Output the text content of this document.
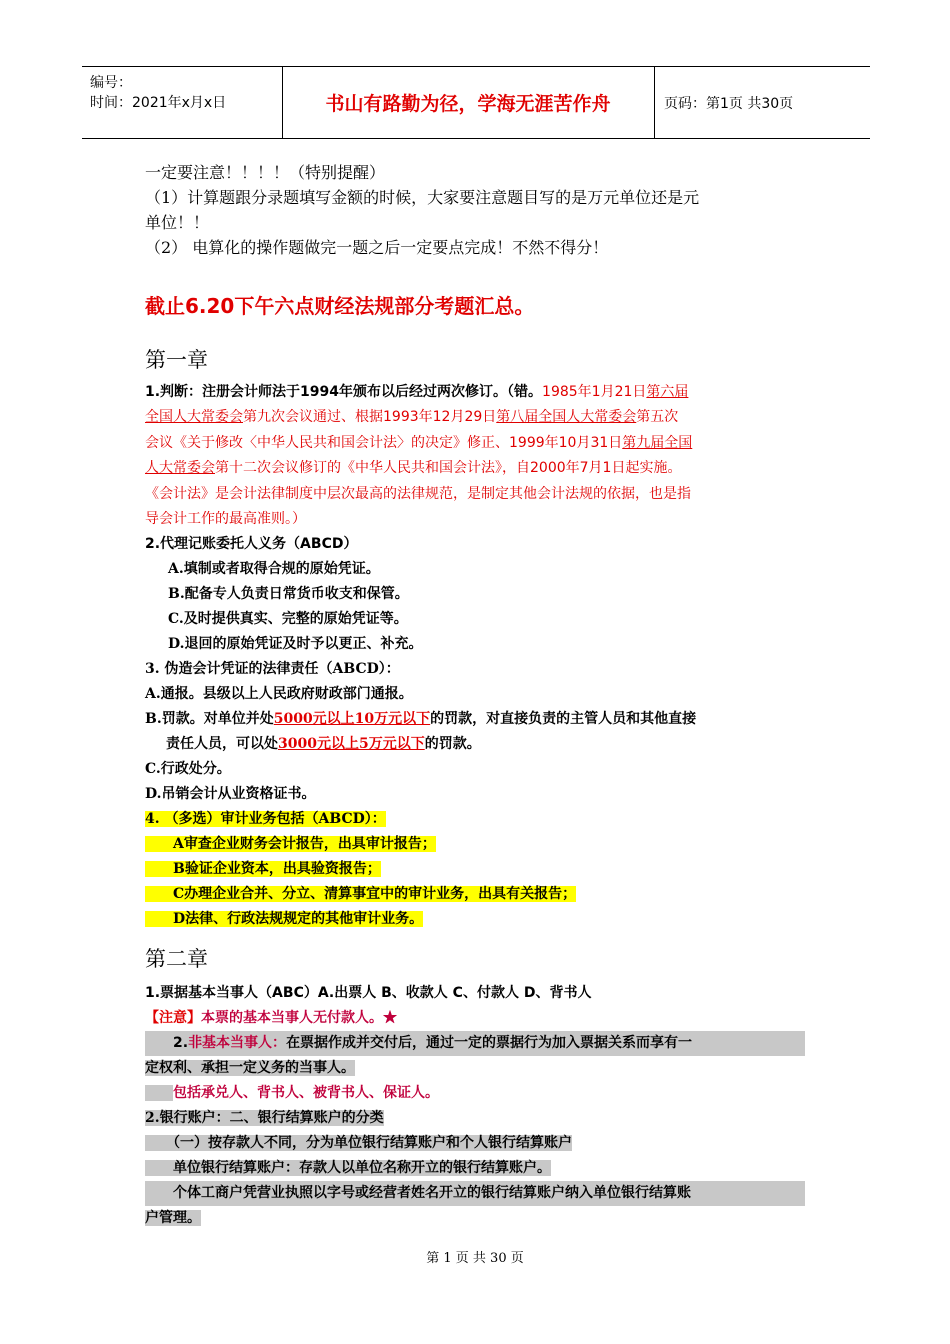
编号：
时间：2021年x月x日	书山有路勤为径，学海无涯苦作舟	页码：第1页 共30页
一定要注意！！！！（特别提醒）
（1）计算题跟分录题填写金额的时候，大家要注意题目写的是万元单位还是元
单位！！
（2） 电算化的操作题做完一题之后一定要点完成！不然不得分！
截止6.20下午六点财经法规部分考题汇总。
第一章
1.判断：注册会计师法于1994年颁布以后经过两次修订。（错。1985年1月21日第六届
全国人大常委会第九次会议通过、根据1993年12月29日第八届全国人大常委会第五次
会议《关于修改〈中华人民共和国会计法〉的决定》修正、1999年10月31日第九届全国
人大常委会第十二次会议修订的《中华人民共和国会计法》，自2000年7月1日起实施。
《会计法》是会计法律制度中层次最高的法律规范，是制定其他会计法规的依据，也是指
导会计工作的最高准则。）
2.代理记账委托人义务（ABCD）
A.填制或者取得合规的原始凭证。
B.配备专人负责日常货币收支和保管。
C.及时提供真实、完整的原始凭证等。
D.退回的原始凭证及时予以更正、补充。
3. 伪造会计凭证的法律责任（ABCD）：
A.通报。县级以上人民政府财政部门通报。
B.罚款。对单位并处5000元以上10万元以下的罚款，对直接负责的主管人员和其他直接
责任人员，可以处3000元以上5万元以下的罚款。
C.行政处分。
D.吊销会计从业资格证书。
4. （多选）审计业务包括（ABCD）：
　　A审查企业财务会计报告，出具审计报告；
　　B验证企业资本，出具验资报告；
　　C办理企业合并、分立、清算事宜中的审计业务，出具有关报告；
　　D法律、行政法规规定的其他审计业务。
第二章
1.票据基本当事人（ABC）A.出票人 B、收款人 C、付款人 D、背书人
【注意】本票的基本当事人无付款人。★
　　2.非基本当事人：在票据作成并交付后，通过一定的票据行为加入票据关系而享有一
定权利、承担一定义务的当事人。
　　包括承兑人、背书人、被背书人、保证人。
2.银行账户：二、银行结算账户的分类
　　（一）按存款人不同，分为单位银行结算账户和个人银行结算账户
　　单位银行结算账户：存款人以单位名称开立的银行结算账户。
　　个体工商户凭营业执照以字号或经营者姓名开立的银行结算账户纳入单位银行结算账
户管理。
第 1 页 共 30 页
